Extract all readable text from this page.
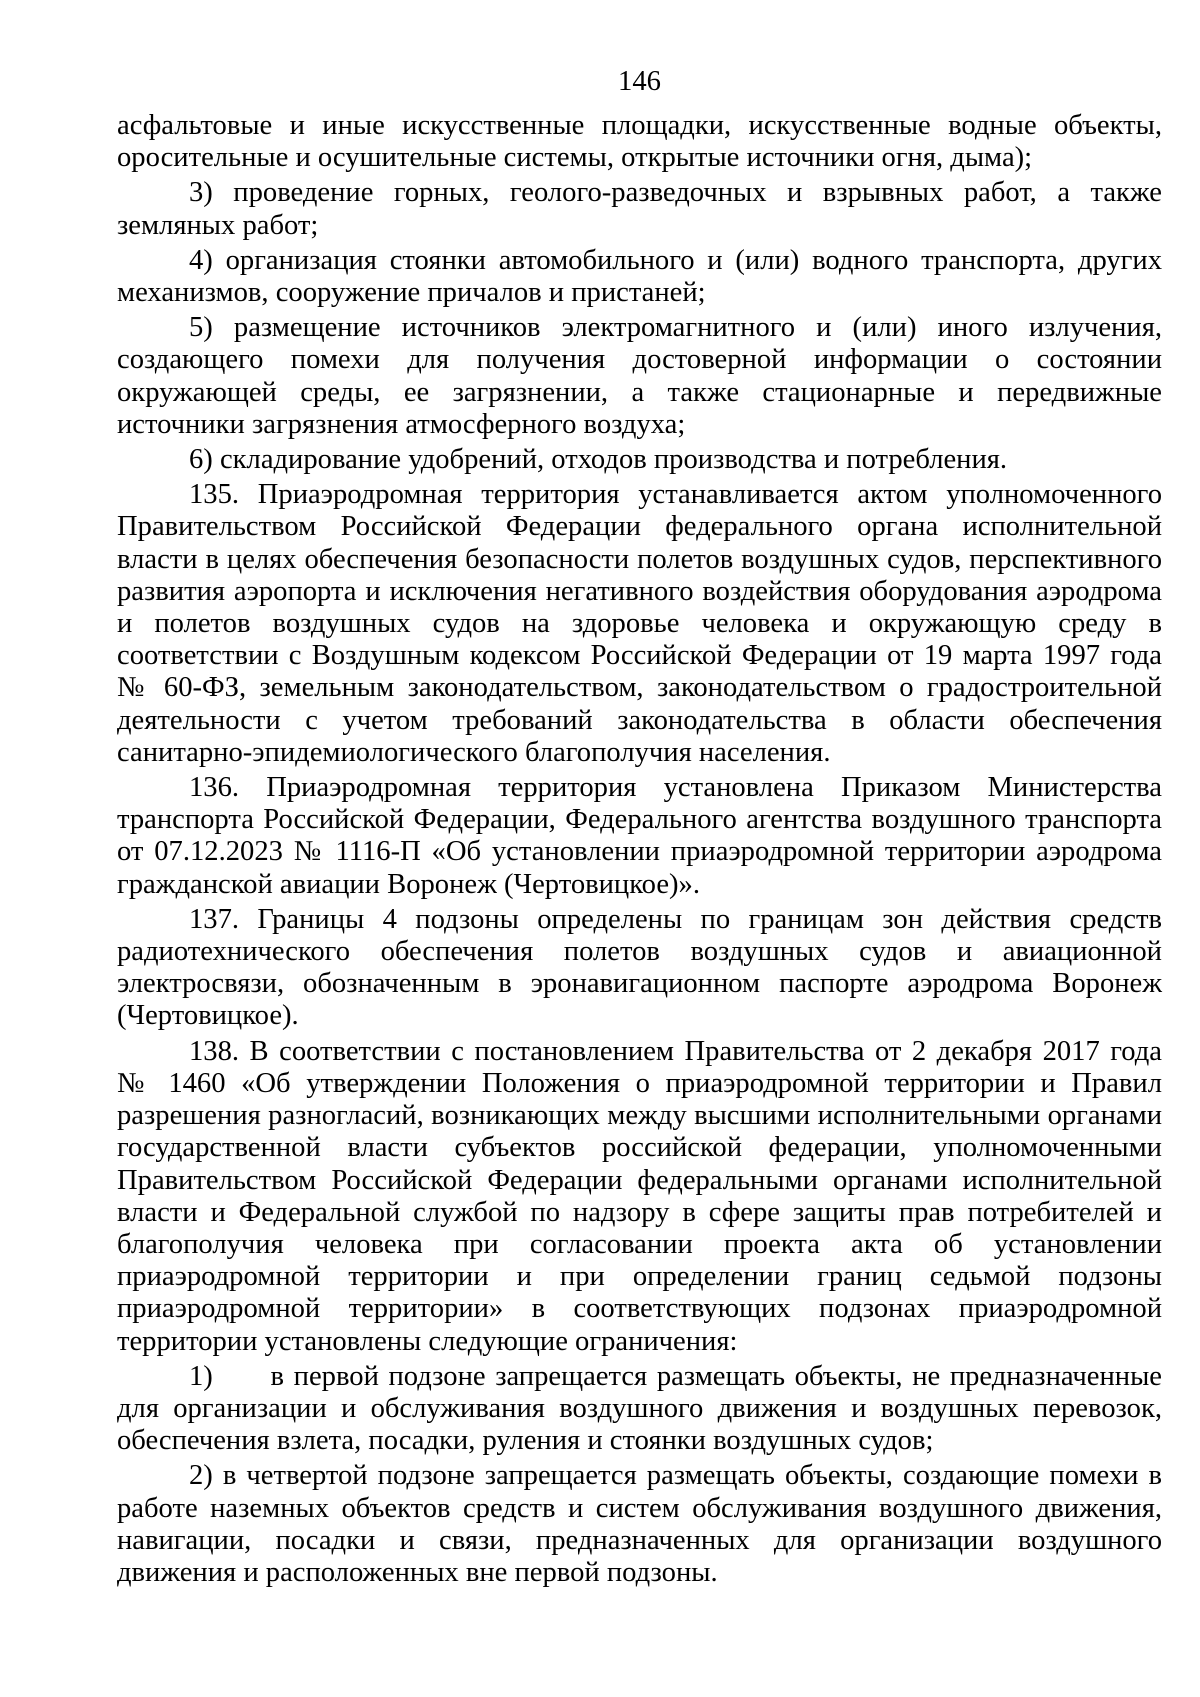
146

асфальтовые и иные искусственные площадки, искусственные водные объекты, оросительные и осушительные системы, открытые источники огня, дыма);

3) проведение горных, геолого-разведочных и взрывных работ, а также земляных работ;

4) организация стоянки автомобильного и (или) водного транспорта, других механизмов, сооружение причалов и пристаней;

5) размещение источников электромагнитного и (или) иного излучения, создающего помехи для получения достоверной информации о состоянии окружающей среды, ее загрязнении, а также стационарные и передвижные источники загрязнения атмосферного воздуха;

6) складирование удобрений, отходов производства и потребления.

135. Приаэродромная территория устанавливается актом уполномоченного Правительством Российской Федерации федерального органа исполнительной власти в целях обеспечения безопасности полетов воздушных судов, перспективного развития аэропорта и исключения негативного воздействия оборудования аэродрома и полетов воздушных судов на здоровье человека и окружающую среду в соответствии с Воздушным кодексом Российской Федерации от 19 марта 1997 года № 60-ФЗ, земельным законодательством, законодательством о градостроительной деятельности с учетом требований законодательства в области обеспечения санитарно-эпидемиологического благополучия населения.

136. Приаэродромная территория установлена Приказом Министерства транспорта Российской Федерации, Федерального агентства воздушного транспорта от 07.12.2023 № 1116-П «Об установлении приаэродромной территории аэродрома гражданской авиации Воронеж (Чертовицкое)».

137. Границы 4 подзоны определены по границам зон действия средств радиотехнического обеспечения полетов воздушных судов и авиационной электросвязи, обозначенным в эронавигационном паспорте аэродрома Воронеж (Чертовицкое).

138. В соответствии с постановлением Правительства от 2 декабря 2017 года № 1460 «Об утверждении Положения о приаэродромной территории и Правил разрешения разногласий, возникающих между высшими исполнительными органами государственной власти субъектов российской федерации, уполномоченными Правительством Российской Федерации федеральными органами исполнительной власти и Федеральной службой по надзору в сфере защиты прав потребителей и благополучия человека при согласовании проекта акта об установлении приаэродромной территории и при определении границ седьмой подзоны приаэродромной территории» в соответствующих подзонах приаэродромной территории установлены следующие ограничения:

1)      в первой подзоне запрещается размещать объекты, не предназначенные для организации и обслуживания воздушного движения и воздушных перевозок, обеспечения взлета, посадки, руления и стоянки воздушных судов;

2) в четвертой подзоне запрещается размещать объекты, создающие помехи в работе наземных объектов средств и систем обслуживания воздушного движения, навигации, посадки и связи, предназначенных для организации воздушного движения и расположенных вне первой подзоны.
